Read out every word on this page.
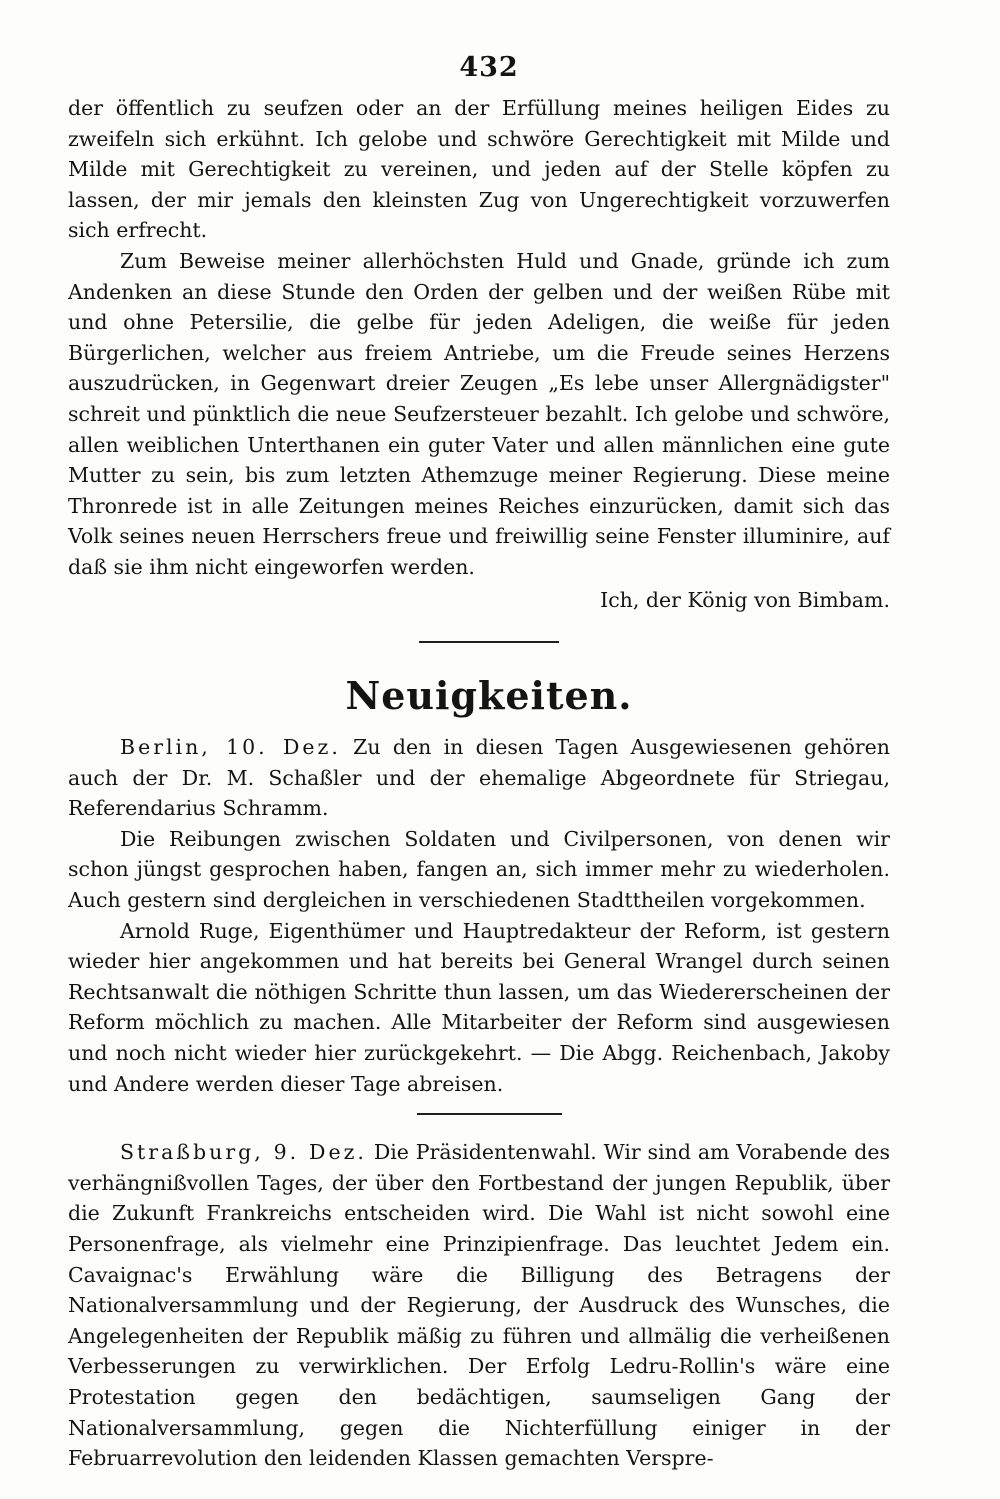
432

der öffentlich zu seufzen oder an der Erfüllung meines heiligen Eides zu zweifeln sich erkühnt. Ich gelobe und schwöre Gerechtigkeit mit Milde und Milde mit Gerechtigkeit zu vereinen, und jeden auf der Stelle köpfen zu lassen, der mir jemals den kleinsten Zug von Ungerechtigkeit vorzuwerfen sich erfrecht.

Zum Beweise meiner allerhöchsten Huld und Gnade, gründe ich zum Andenken an diese Stunde den Orden der gelben und der weißen Rübe mit und ohne Petersilie, die gelbe für jeden Adeligen, die weiße für jeden Bürgerlichen, welcher aus freiem Antriebe, um die Freude seines Herzens auszudrücken, in Gegenwart dreier Zeugen „Es lebe unser Allergnädigster" schreit und pünktlich die neue Seufzersteuer bezahlt. Ich gelobe und schwöre, allen weiblichen Unterthanen ein guter Vater und allen männlichen eine gute Mutter zu sein, bis zum letzten Athemzuge meiner Regierung. Diese meine Thronrede ist in alle Zeitungen meines Reiches einzurücken, damit sich das Volk seines neuen Herrschers freue und freiwillig seine Fenster illuminire, auf daß sie ihm nicht eingeworfen werden.

Ich, der König von Bimbam.
Neuigkeiten.

Berlin, 10. Dez. Zu den in diesen Tagen Ausgewiesenen gehören auch der Dr. M. Schaßler und der ehemalige Abgeordnete für Striegau, Referendarius Schramm.

Die Reibungen zwischen Soldaten und Civilpersonen, von denen wir schon jüngst gesprochen haben, fangen an, sich immer mehr zu wiederholen. Auch gestern sind dergleichen in verschiedenen Stadttheilen vorgekommen.

Arnold Ruge, Eigenthümer und Hauptredakteur der Reform, ist gestern wieder hier angekommen und hat bereits bei General Wrangel durch seinen Rechtsanwalt die nöthigen Schritte thun lassen, um das Wiedererscheinen der Reform möchlich zu machen. Alle Mitarbeiter der Reform sind ausgewiesen und noch nicht wieder hier zurückgekehrt. — Die Abgg. Reichenbach, Jakoby und Andere werden dieser Tage abreisen.

Straßburg, 9. Dez. Die Präsidentenwahl. Wir sind am Vorabende des verhängnißvollen Tages, der über den Fortbestand der jungen Republik, über die Zukunft Frankreichs entscheiden wird. Die Wahl ist nicht sowohl eine Personenfrage, als vielmehr eine Prinzipienfrage. Das leuchtet Jedem ein. Cavaignac's Erwählung wäre die Billigung des Betragens der Nationalversammlung und der Regierung, der Ausdruck des Wunsches, die Angelegenheiten der Republik mäßig zu führen und allmälig die verheißenen Verbesserungen zu verwirklichen. Der Erfolg Ledru-Rollin's wäre eine Protestation gegen den bedächtigen, saumseligen Gang der Nationalversammlung, gegen die Nichterfüllung einiger in der Februarrevolution den leidenden Klassen gemachten Verspre-
